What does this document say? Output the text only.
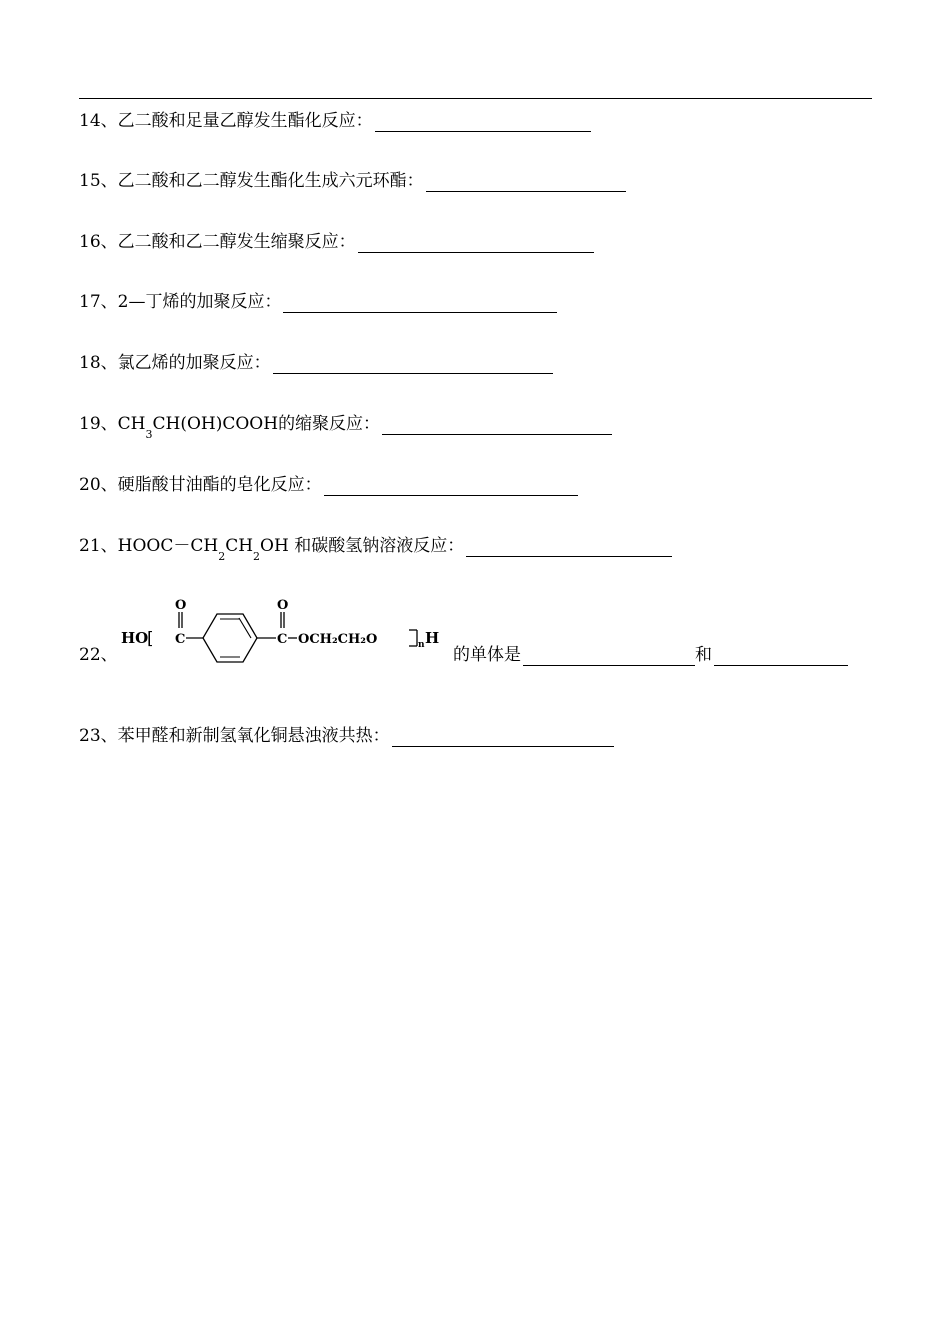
14、 乙二酸和足量乙醇发生酯化反应：
15、 乙二酸和乙二醇发生酯化生成六元环酯：
16、 乙二酸和乙二醇发生缩聚反应：
17、 2—丁烯的加聚反应：
18、 氯乙烯的加聚反应：
19、 CH
3
CH(OH)COOH 的缩聚反应：
20、 硬脂酸甘油酯的皂化反应：
21、 HOOC－CH
2
CH
2
OH 和碳酸氢钠溶液反应：
22、
HO
[
O
C
O
C OCH₂CH₂O	n H
的单体是	和
23、 苯甲醛和新制氢氧化铜悬浊液共热：
